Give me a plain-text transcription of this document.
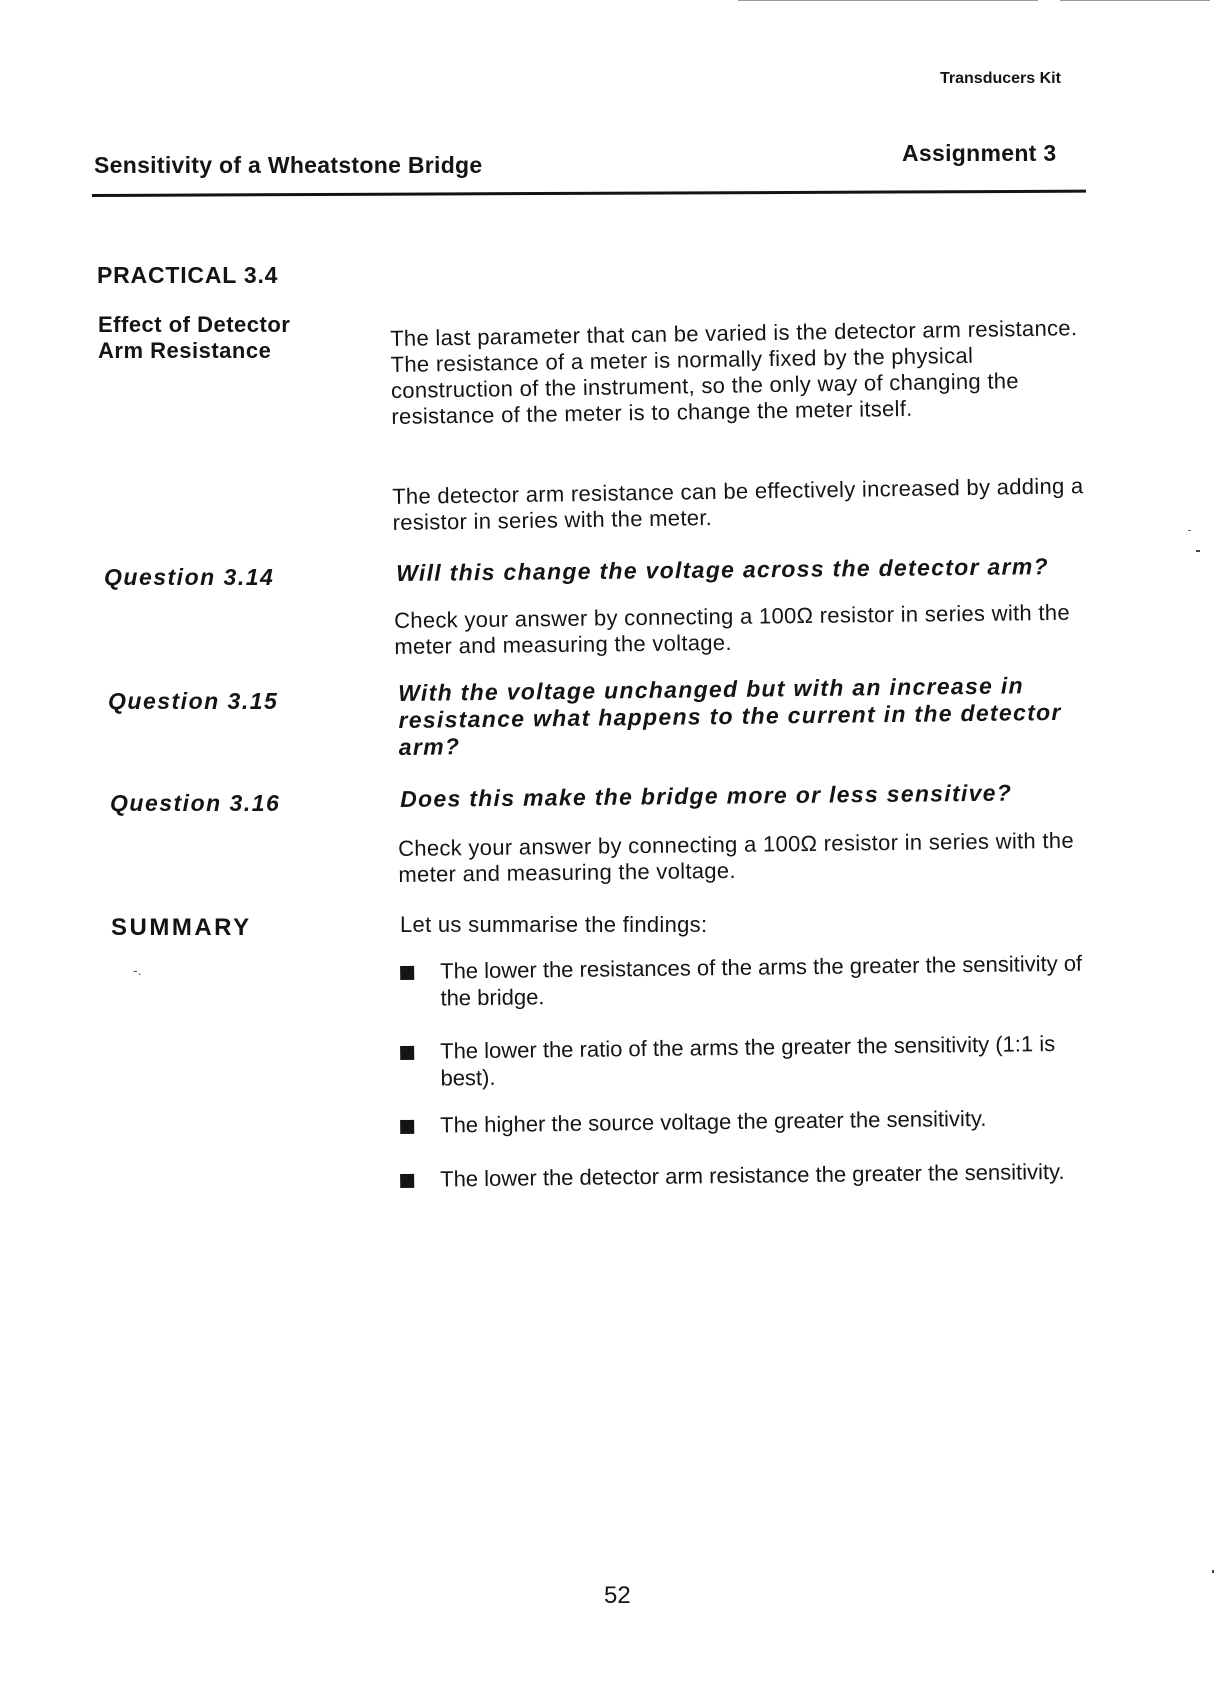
Transducers Kit
Sensitivity of a Wheatstone Bridge	Assignment 3
PRACTICAL 3.4
Effect of Detector
Arm Resistance	The last parameter that can be varied is the detector arm resistance. The resistance of a meter is normally fixed by the physical construction of the instrument, so the only way of changing the resistance of the meter is to change the meter itself.
The detector arm resistance can be effectively increased by adding a resistor in series with the meter.
Question 3.14	Will this change the voltage across the detector arm?
Check your answer by connecting a 100Ω resistor in series with the meter and measuring the voltage.
Question 3.15	With the voltage unchanged but with an increase in resistance what happens to the current in the detector arm?
Question 3.16	Does this make the bridge more or less sensitive?
Check your answer by connecting a 100Ω resistor in series with the meter and measuring the voltage.
SUMMARY
-.
Let us summarise the findings:
The lower the resistances of the arms the greater the sensitivity of the bridge.
The lower the ratio of the arms the greater the sensitivity (1:1 is best).
The higher the source voltage the greater the sensitivity.
The lower the detector arm resistance the greater the sensitivity.
52
